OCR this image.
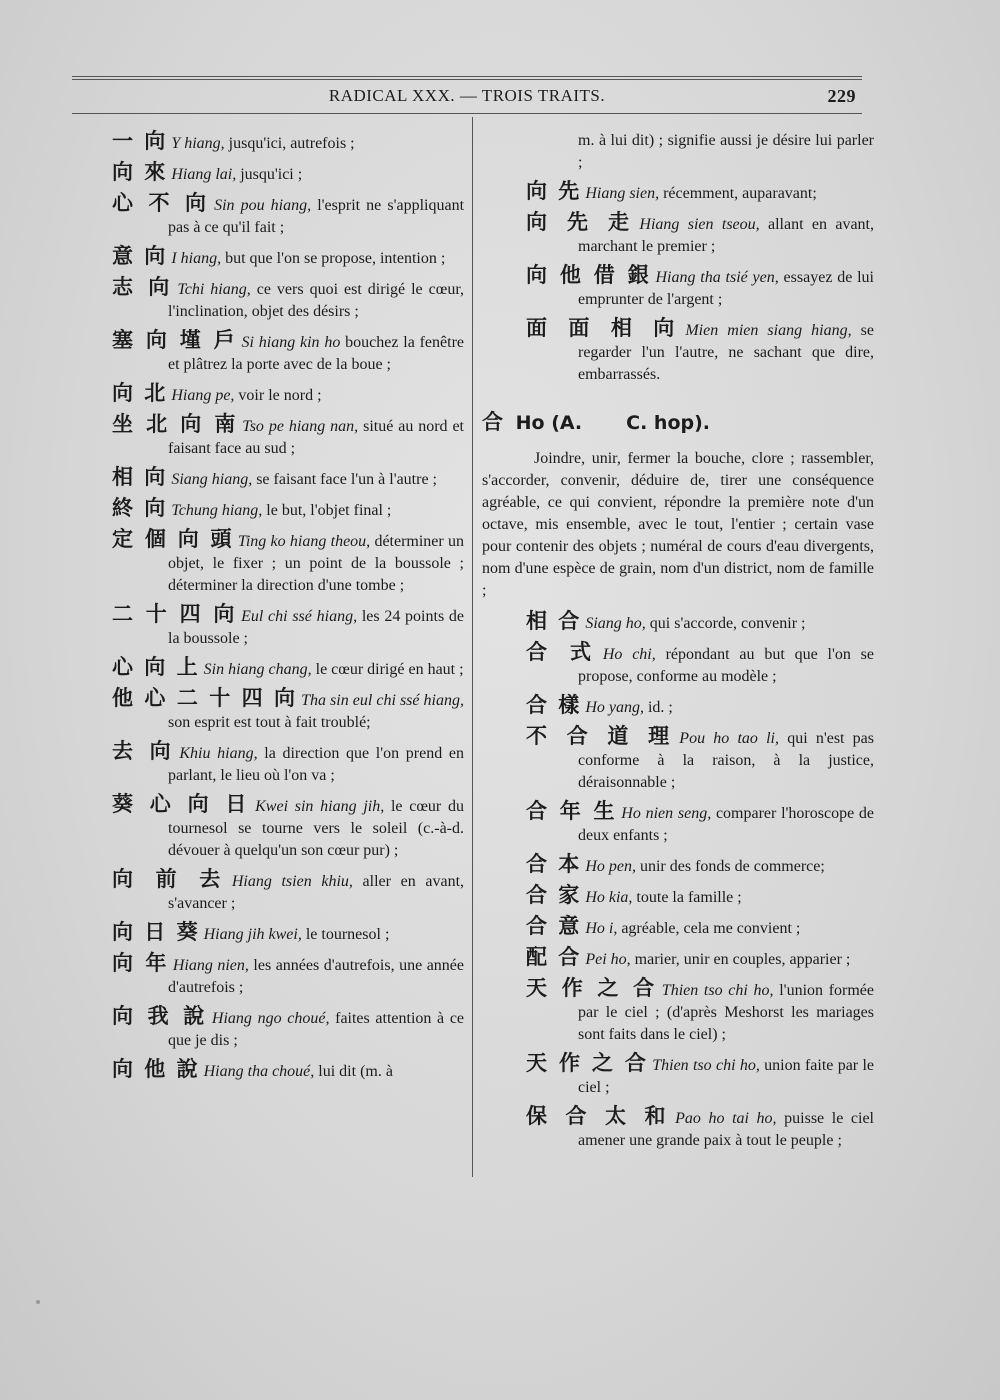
RADICAL XXX. — TROIS TRAITS.	229
一 向 Y hiang, jusqu'ici, autrefois ;
向 來 Hiang lai, jusqu'ici ;
心 不 向 Sin pou hiang, l'esprit ne s'appliquant pas à ce qu'il fait ;
意 向 I hiang, but que l'on se propose, intention ;
志 向 Tchi hiang, ce vers quoi est dirigé le cœur, l'inclination, objet des désirs ;
塞 向 墐 戶 Si hiang kin ho bouchez la fenêtre et plâtrez la porte avec de la boue ;
向 北 Hiang pe, voir le nord ;
坐 北 向 南 Tso pe hiang nan, situé au nord et faisant face au sud ;
相 向 Siang hiang, se faisant face l'un à l'autre ;
終 向 Tchung hiang, le but, l'objet final ;
定 個 向 頭 Ting ko hiang theou, déterminer un objet, le fixer ; un point de la boussole ; déterminer la direction d'une tombe ;
二 十 四 向 Eul chi ssé hiang, les 24 points de la boussole ;
心 向 上 Sin hiang chang, le cœur dirigé en haut ;
他 心 二 十 四 向 Tha sin eul chi ssé hiang, son esprit est tout à fait troublé;
去 向 Khiu hiang, la direction que l'on prend en parlant, le lieu où l'on va ;
葵 心 向 日 Kwei sin hiang jih, le cœur du tournesol se tourne vers le soleil (c.-à-d. dévouer à quelqu'un son cœur pur) ;
向 前 去 Hiang tsien khiu, aller en avant, s'avancer ;
向 日 葵 Hiang jih kwei, le tournesol ;
向 年 Hiang nien, les années d'autrefois, une année d'autrefois ;
向 我 說 Hiang ngo choué, faites attention à ce que je dis ;
向 他 說 Hiang tha choué, lui dit (m. à
m. à lui dit) ; signifie aussi je désire lui parler ;
向 先 Hiang sien, récemment, auparavant;
向 先 走 Hiang sien tseou, allant en avant, marchant le premier ;
向 他 借 銀 Hiang tha tsié yen, essayez de lui emprunter de l'argent ;
面 面 相 向 Mien mien siang hiang, se regarder l'un l'autre, ne sachant que dire, embarrassés.
合 Ho (A. C. hop).

Joindre, unir, fermer la bouche, clore ; rassembler, s'accorder, convenir, déduire de, tirer une conséquence agréable, ce qui convient, répondre la première note d'un octave, mis ensemble, avec le tout, l'entier ; certain vase pour contenir des objets ; numéral de cours d'eau divergents, nom d'une espèce de grain, nom d'un district, nom de famille ;

相 合 Siang ho, qui s'accorde, convenir ;
合 式 Ho chi, répondant au but que l'on se propose, conforme au modèle ;
合 樣 Ho yang, id. ;
不 合 道 理 Pou ho tao li, qui n'est pas conforme à la raison, à la justice, déraisonnable ;
合 年 生 Ho nien seng, comparer l'horoscope de deux enfants ;
合 本 Ho pen, unir des fonds de commerce;
合 家 Ho kia, toute la famille ;
合 意 Ho i, agréable, cela me convient ;
配 合 Pei ho, marier, unir en couples, apparier ;
天 作 之 合 Thien tso chi ho, l'union formée par le ciel ; (d'après Meshorst les mariages sont faits dans le ciel) ;
天 作 之 合 Thien tso chi ho, union faite par le ciel ;
保 合 太 和 Pao ho tai ho, puisse le ciel amener une grande paix à tout le peuple ;
